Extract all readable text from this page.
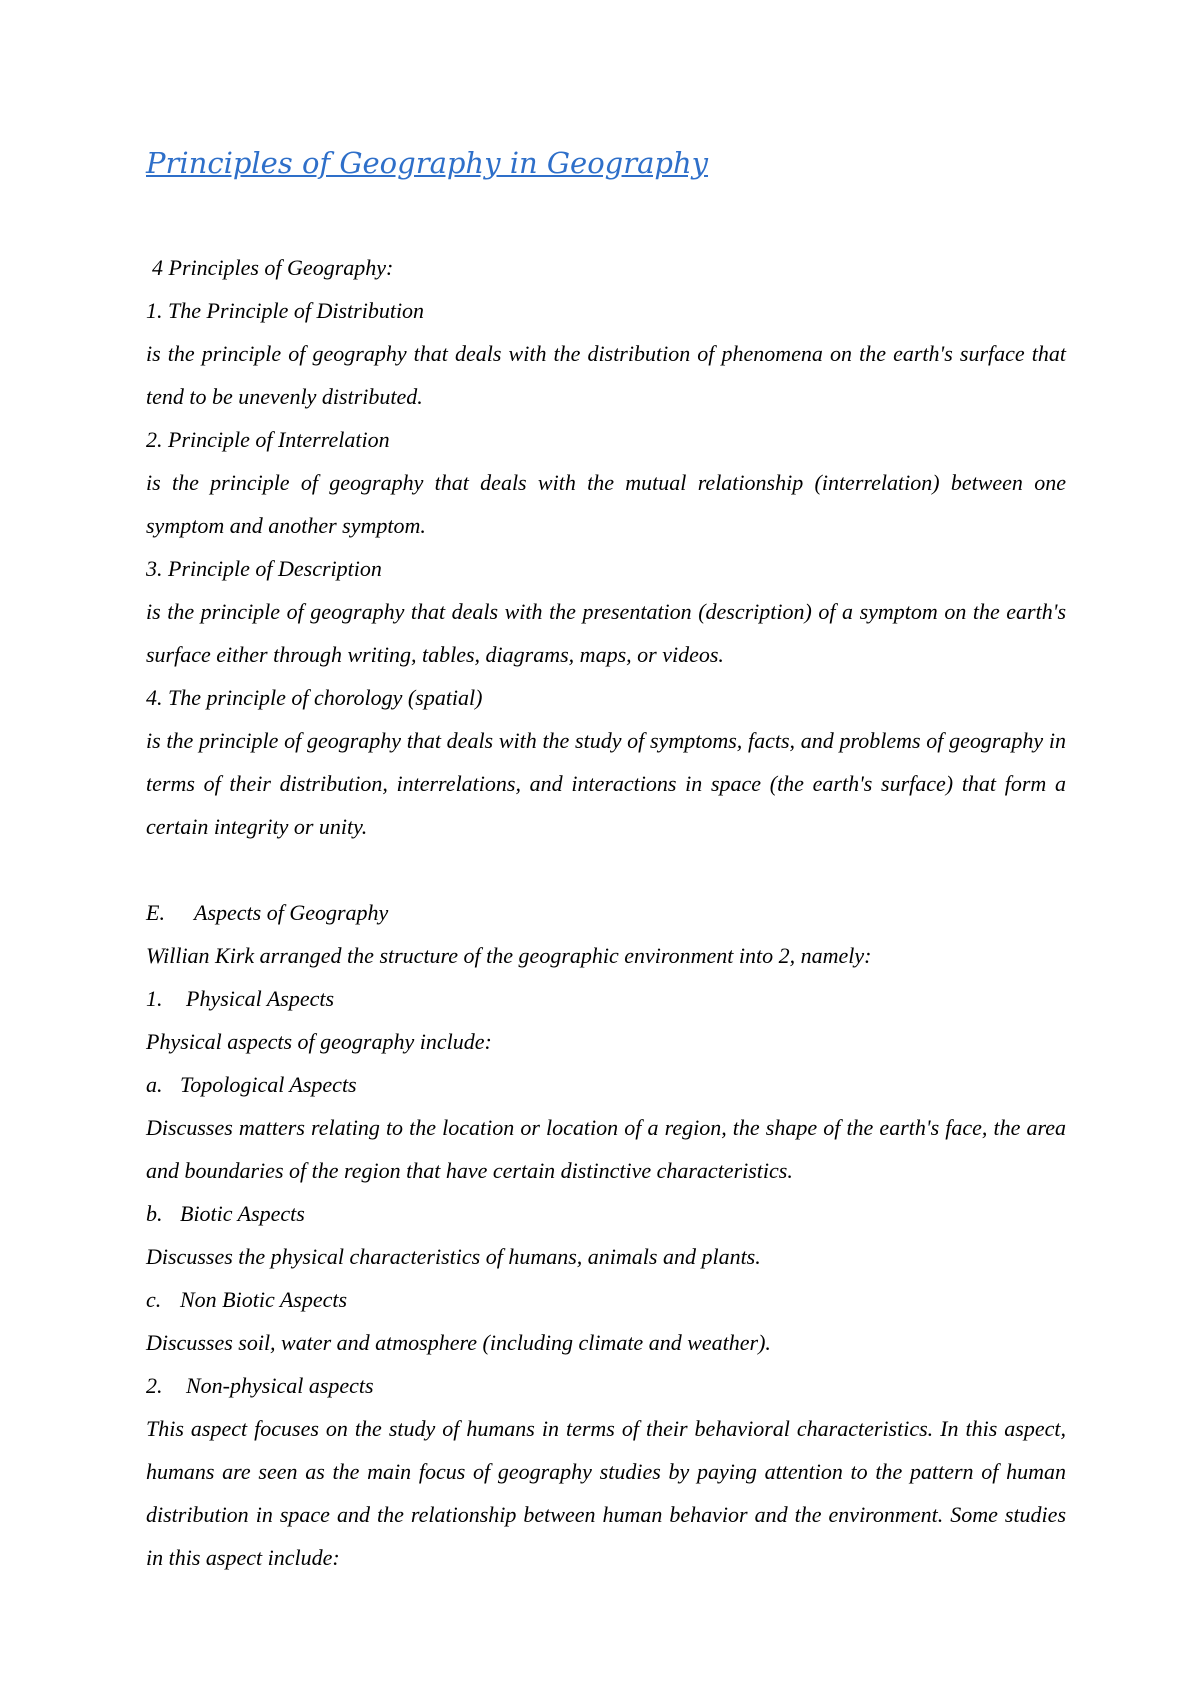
Principles of Geography in Geography
4 Principles of Geography:
1. The Principle of Distribution
is the principle of geography that deals with the distribution of phenomena on the earth's surface that tend to be unevenly distributed.
2. Principle of Interrelation
is the principle of geography that deals with the mutual relationship (interrelation) between one symptom and another symptom.
3. Principle of Description
is the principle of geography that deals with the presentation (description) of a symptom on the earth's surface either through writing, tables, diagrams, maps, or videos.
4. The principle of chorology (spatial)
is the principle of geography that deals with the study of symptoms, facts, and problems of geography in terms of their distribution, interrelations, and interactions in space (the earth's surface) that form a certain integrity or unity.
E. Aspects of Geography
Willian Kirk arranged the structure of the geographic environment into 2, namely:
1. Physical Aspects
Physical aspects of geography include:
a. Topological Aspects
Discusses matters relating to the location or location of a region, the shape of the earth's face, the area and boundaries of the region that have certain distinctive characteristics.
b. Biotic Aspects
Discusses the physical characteristics of humans, animals and plants.
c. Non Biotic Aspects
Discusses soil, water and atmosphere (including climate and weather).
2. Non-physical aspects
This aspect focuses on the study of humans in terms of their behavioral characteristics. In this aspect, humans are seen as the main focus of geography studies by paying attention to the pattern of human distribution in space and the relationship between human behavior and the environment. Some studies in this aspect include:
